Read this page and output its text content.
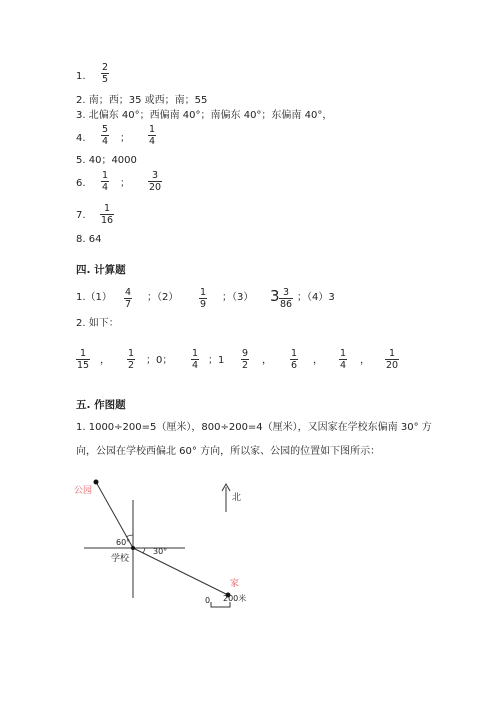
1.
2
5
2. 南；西；35 或西；南；55
3. 北偏东 40°；西偏南 40°；南偏东 40°；东偏南 40°，
4.
5
4 ；
1
4
5. 40；4000
6.
1
4 ；
3
20
7.
1
16
8. 64
四. 计算题
1.（1） 4
7
；（2） 1
9
；（3） 3 3
86
；（4）3
2. 如下：
1
15 ，
1
2 ；0；
1
4 ；1
9
2 ，
1
6 ，
1
4 ，
1
20
五. 作图题
1. 1000÷200=5（厘米），800÷200=4（厘米），又因家在学校东偏南 30° 方
向，公园在学校西偏北 60° 方向，所以家、公园的位置如下图所示：
公园
60°
30°
学校
北
家
0 200米
